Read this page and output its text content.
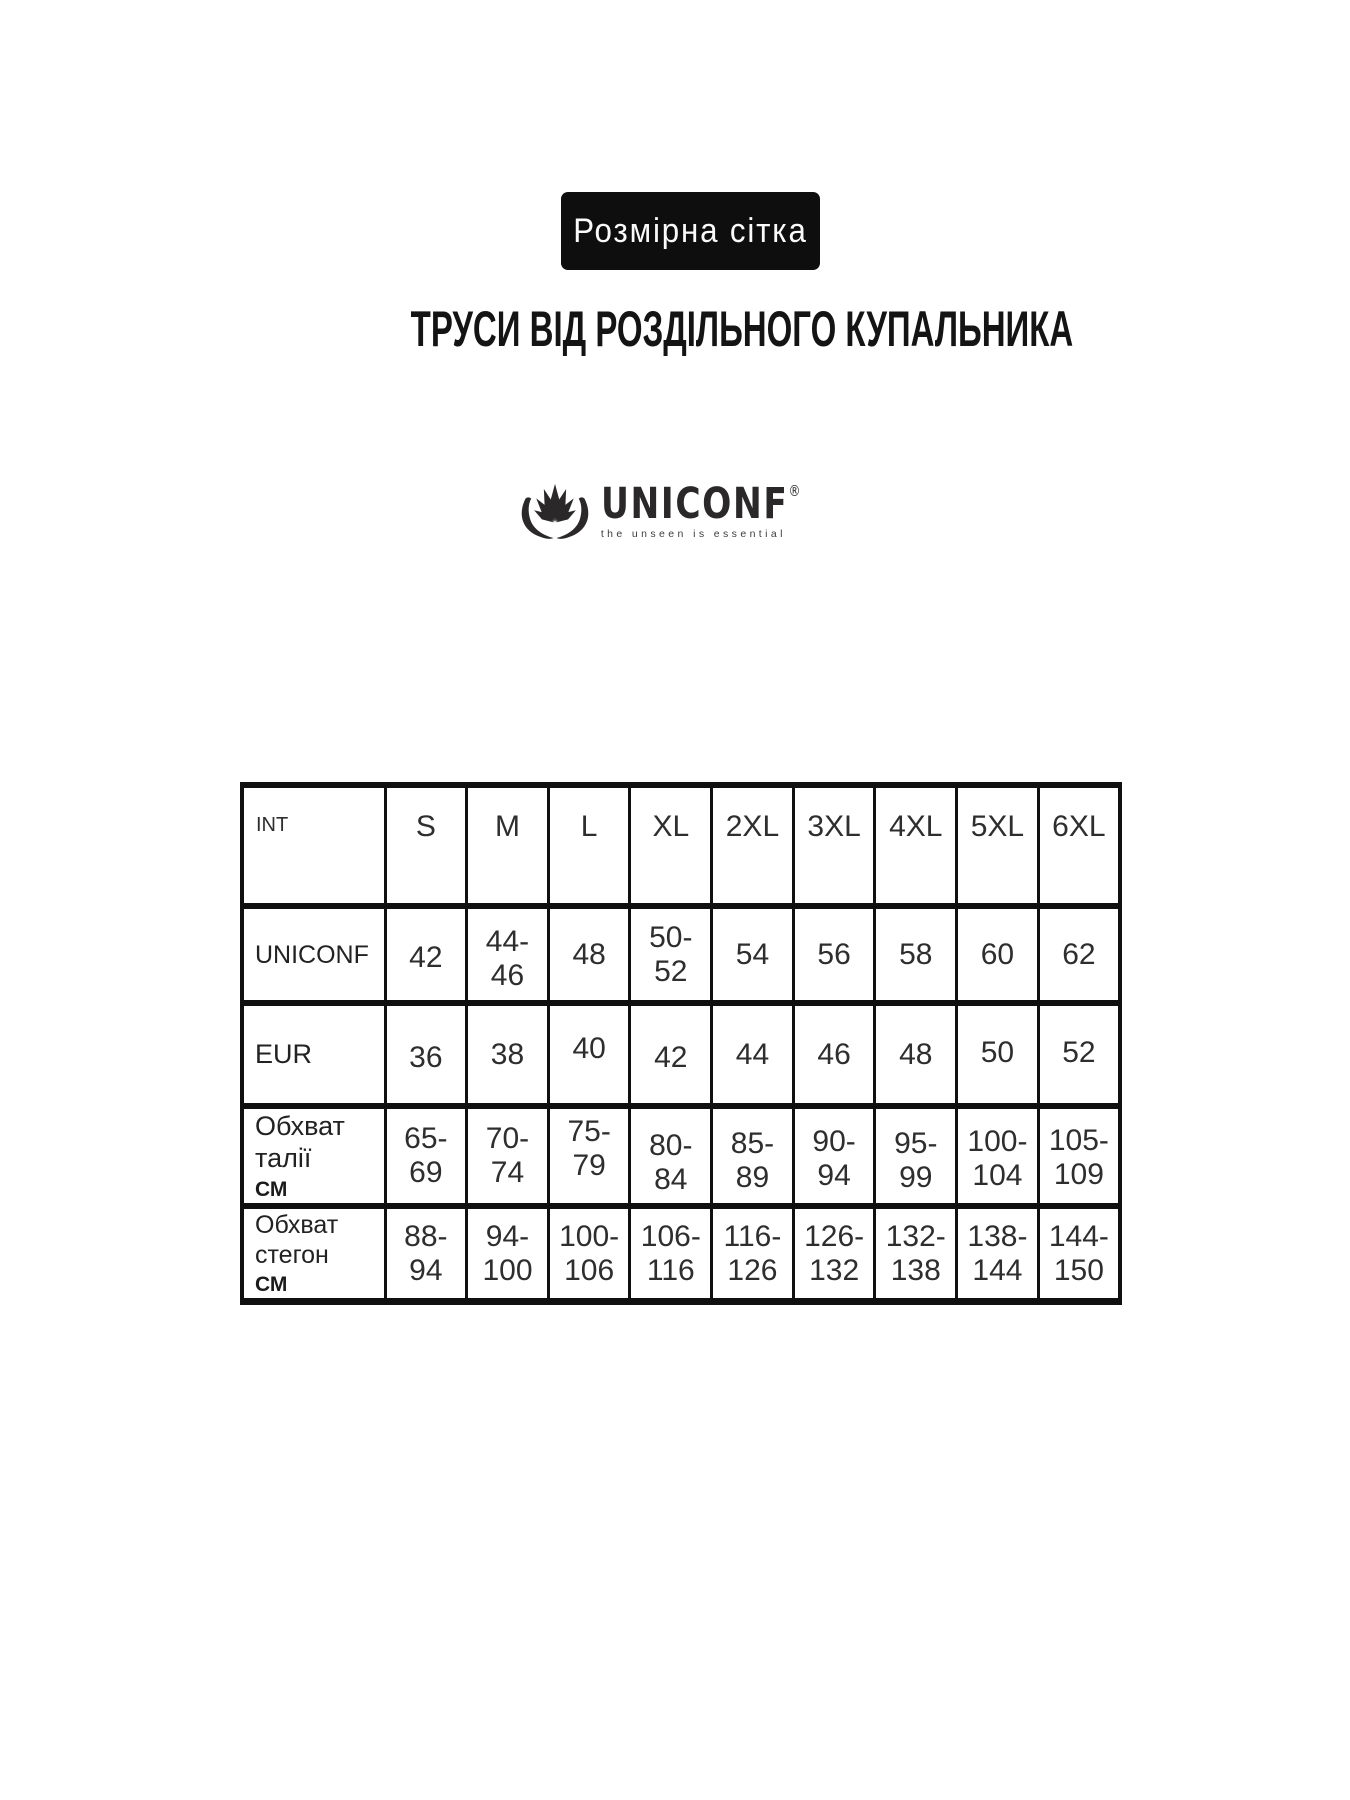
Розмірна сітка
ТРУСИ ВІД РОЗДІЛЬНОГО КУПАЛЬНИКА
UNICONF®
the unseen is essential
INT	S	M	L	XL	2XL	3XL	4XL	5XL	6XL

UNICONF	42	44-46	48	50-52	54	56	58	60	62

EUR	36	38	40	42	44	46	48	50	52

Обхват талії
СМ	65-69	70-74	75-79	80-84	85-89	90-94	95-99	100-104	105-109

Обхват стегон
СМ	88-94	94-100	100-106	106-116	116-126	126-132	132-138	138-144	144-150
